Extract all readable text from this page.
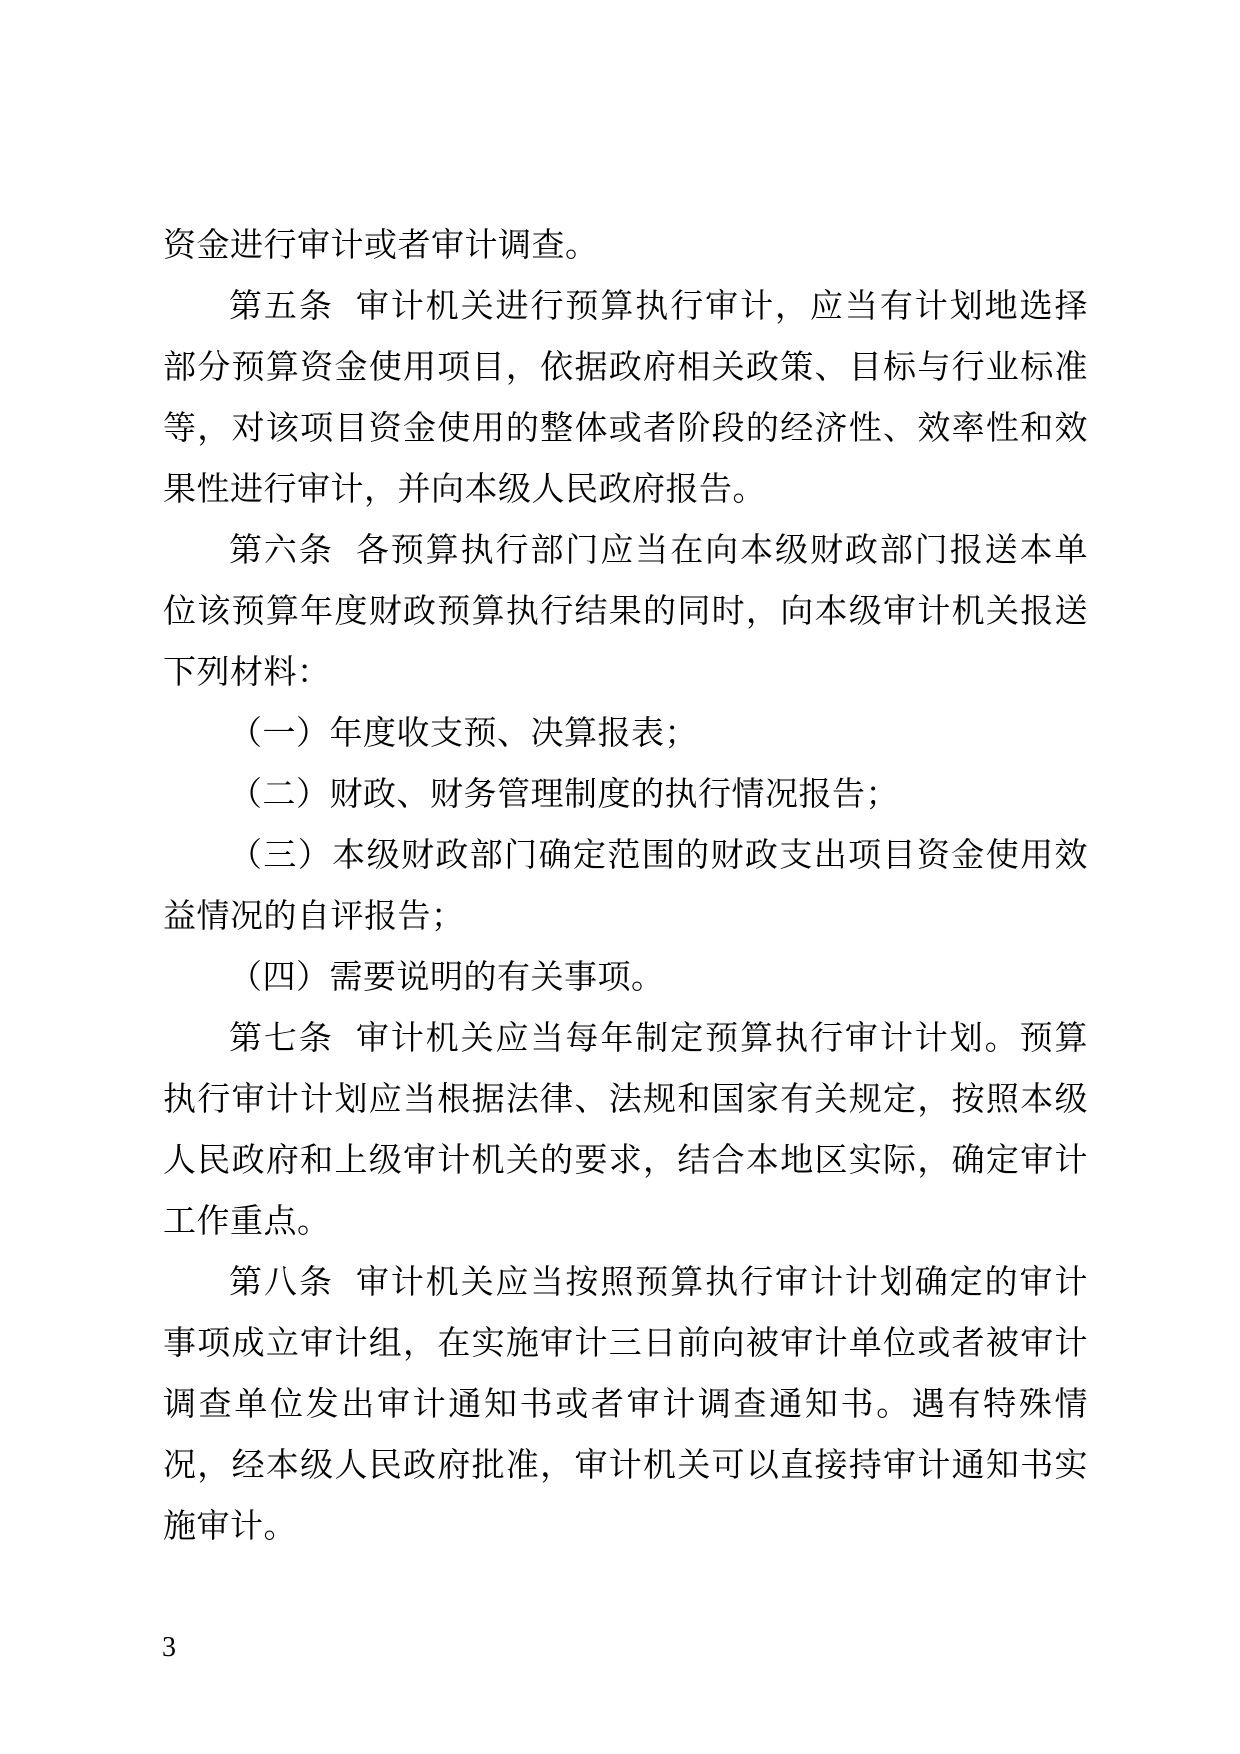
资金进行审计或者审计调查。

第五条 审计机关进行预算执行审计，应当有计划地选择部分预算资金使用项目，依据政府相关政策、目标与行业标准等，对该项目资金使用的整体或者阶段的经济性、效率性和效果性进行审计，并向本级人民政府报告。

第六条 各预算执行部门应当在向本级财政部门报送本单位该预算年度财政预算执行结果的同时，向本级审计机关报送下列材料：

（一）年度收支预、决算报表；

（二）财政、财务管理制度的执行情况报告；

（三）本级财政部门确定范围的财政支出项目资金使用效益情况的自评报告；

（四）需要说明的有关事项。

第七条 审计机关应当每年制定预算执行审计计划。预算执行审计计划应当根据法律、法规和国家有关规定，按照本级人民政府和上级审计机关的要求，结合本地区实际，确定审计工作重点。

第八条 审计机关应当按照预算执行审计计划确定的审计事项成立审计组，在实施审计三日前向被审计单位或者被审计调查单位发出审计通知书或者审计调查通知书。遇有特殊情况，经本级人民政府批准，审计机关可以直接持审计通知书实施审计。

3
